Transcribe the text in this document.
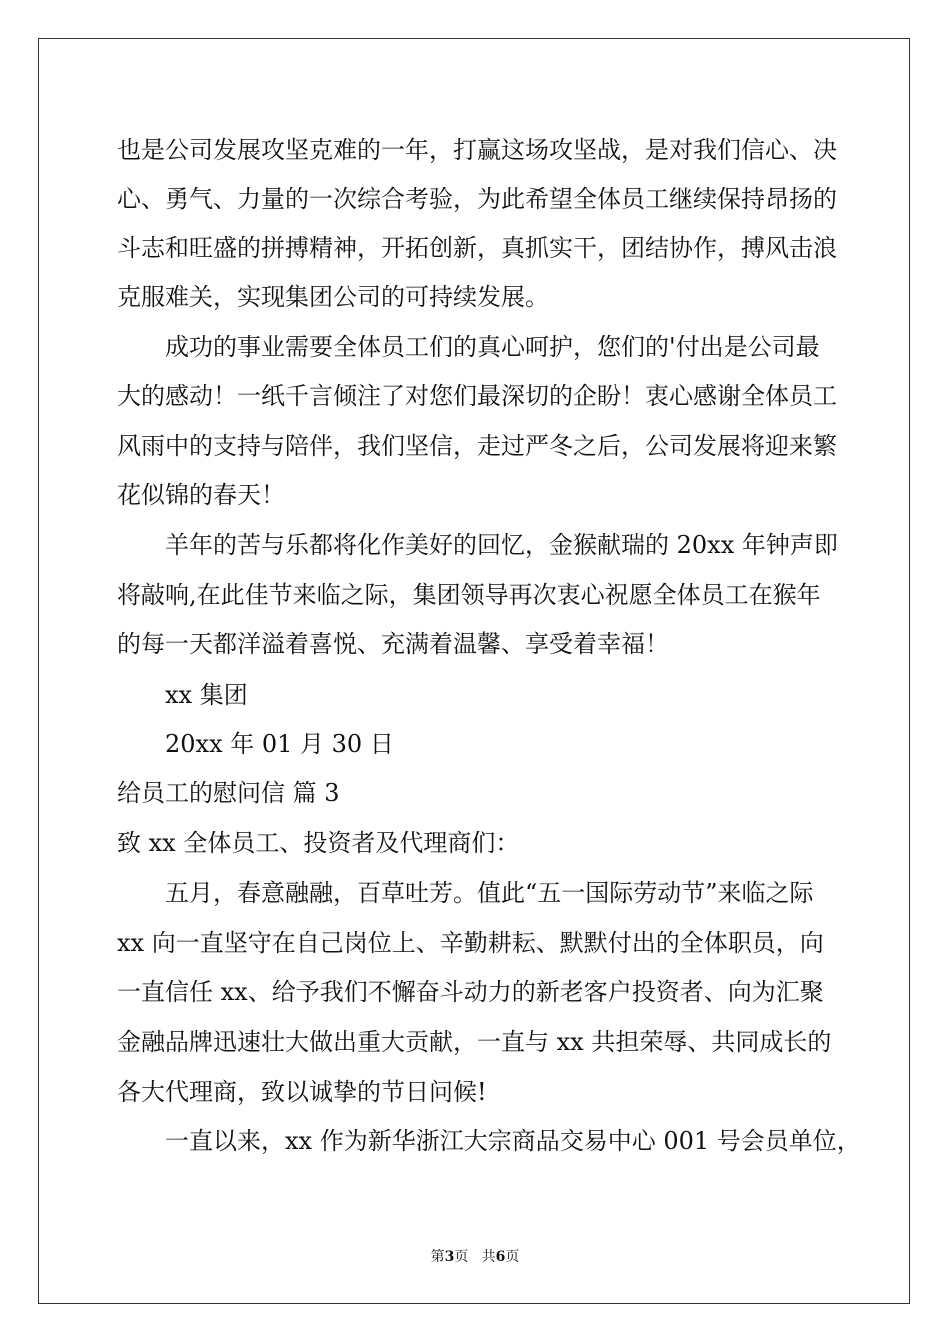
也是公司发展攻坚克难的一年，打赢这场攻坚战，是对我们信心、决

心、勇气、力量的一次综合考验，为此希望全体员工继续保持昂扬的

斗志和旺盛的拼搏精神，开拓创新，真抓实干，团结协作，搏风击浪

克服难关，实现集团公司的可持续发展。

　　成功的事业需要全体员工们的真心呵护，您们的'付出是公司最

大的感动！一纸千言倾注了对您们最深切的企盼！衷心感谢全体员工

风雨中的支持与陪伴，我们坚信，走过严冬之后，公司发展将迎来繁

花似锦的春天！

　　羊年的苦与乐都将化作美好的回忆，金猴献瑞的 20xx 年钟声即

将敲响,在此佳节来临之际，集团领导再次衷心祝愿全体员工在猴年

的每一天都洋溢着喜悦、充满着温馨、享受着幸福！

　　xx 集团

　　20xx 年 01 月 30 日

给员工的慰问信 篇 3

致 xx 全体员工、投资者及代理商们：

　　五月，春意融融，百草吐芳。值此“五一国际劳动节”来临之际

xx 向一直坚守在自己岗位上、辛勤耕耘、默默付出的全体职员，向

一直信任 xx、给予我们不懈奋斗动力的新老客户投资者、向为汇聚

金融品牌迅速壮大做出重大贡献，一直与 xx 共担荣辱、共同成长的

各大代理商，致以诚挚的节日问候!

　　一直以来，xx 作为新华浙江大宗商品交易中心 001 号会员单位，

第3页 共6页
